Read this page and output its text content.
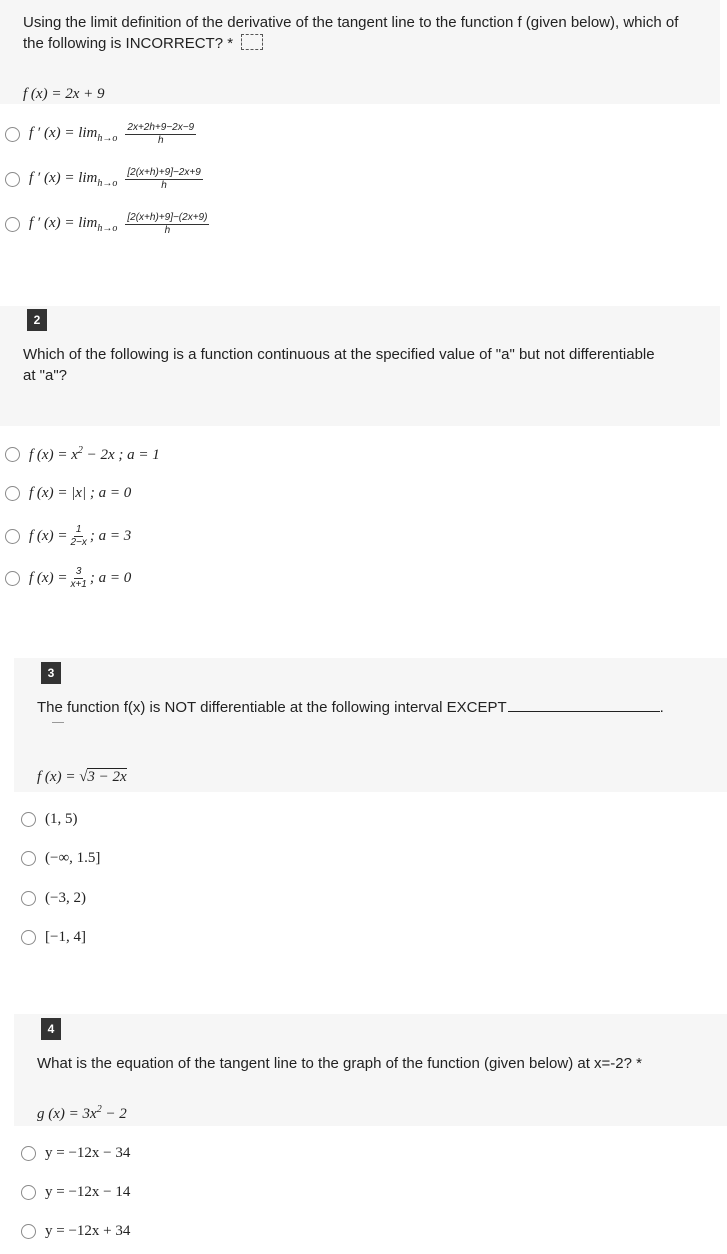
Using the limit definition of the derivative of the tangent line to the function f (given below), which of the following is INCORRECT? *
f (x) = 2x + 9
f ′ $(x) = \lim_{h\to o} \frac{2x+2h+9-2x-9}{h}$
f ′ $(x) = \lim_{h\to o} \frac{[2(x+h)+9]-2x+9}{h}$
f ′ $(x) = \lim_{h\to o} \frac{[2(x+h)+9]-(2x+9)}{h}$
2
Which of the following is a function continuous at the specified value of "a" but not differentiable at "a"?
f $(x) = x^2 - 2x$ ; a = 1
f (x) = |x| ; a = 0
f $(x) = \frac{1}{2-x}$ ; a = 3
f $(x) = \frac{3}{x+1}$ ; a = 0
3
The function f(x) is NOT differentiable at the following interval EXCEPT	.
f (x) = √3 − 2x
(1, 5)
(−∞, 1.5]
(−3, 2)
[−1, 4]
4
What is the equation of the tangent line to the graph of the function (given below) at x=-2? *
g $(x) = 3x^2 - 2$
y = −12x − 34
y = −12x − 14
y = −12x + 34
